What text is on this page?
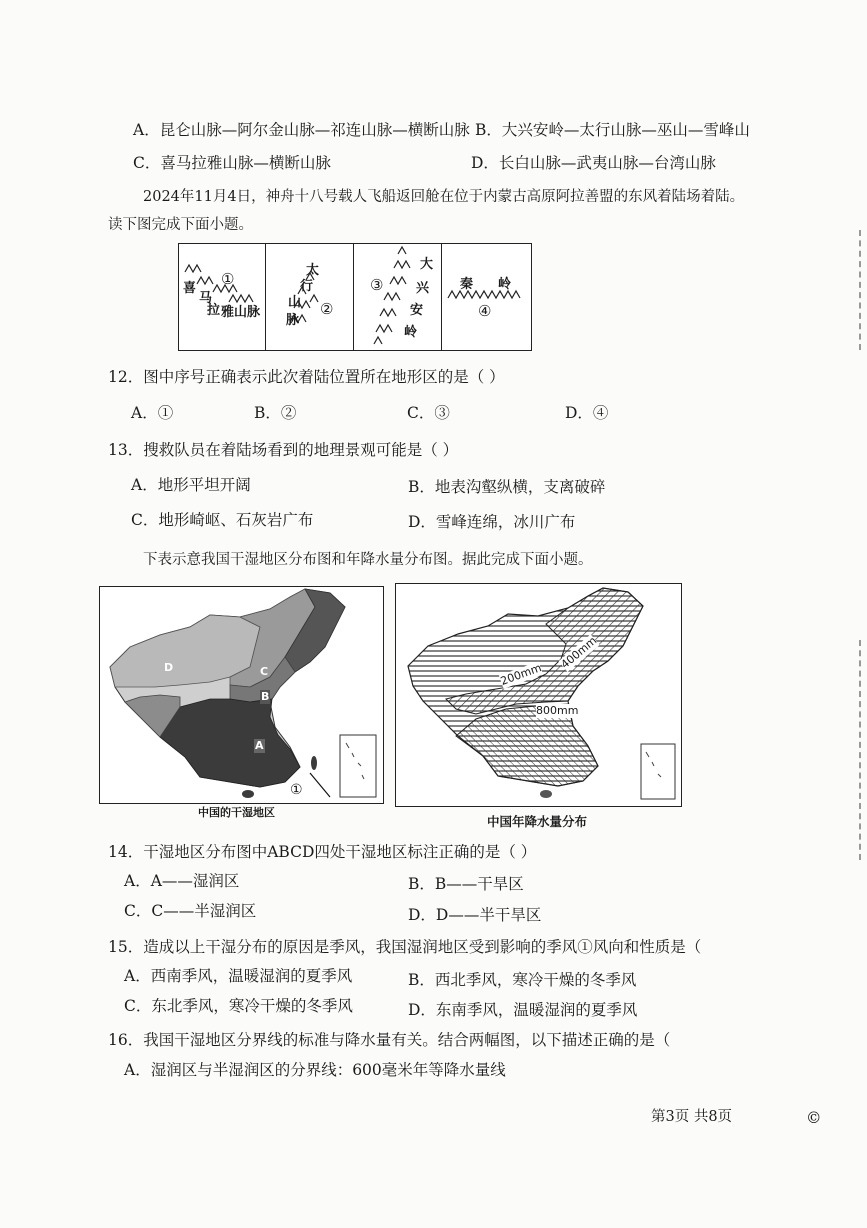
A．昆仑山脉—阿尔金山脉—祁连山脉—横断山脉 B．大兴安岭—太行山脉—巫山—雪峰山
C．喜马拉雅山脉—横断山脉	D．长白山脉—武夷山脉—台湾山脉
2024年11月4日，神舟十八号载人飞船返回舱在位于内蒙古高原阿拉善盟的东风着陆场着陆。
读下图完成下面小题。
①
喜
马
拉 雅山脉
太
行
山
脉
②
③
大
兴
安
岭
秦 岭
④
12．图中序号正确表示此次着陆位置所在地形区的是（ ）
A．①	B．②	C．③	D．④
13．搜救队员在着陆场看到的地理景观可能是（ ）
A．地形平坦开阔	B．地表沟壑纵横，支离破碎
C．地形崎岖、石灰岩广布	D．雪峰连绵，冰川广布
下表示意我国干湿地区分布图和年降水量分布图。据此完成下面小题。
D	C
B
A
①
中国的干湿地区
200mm
400mm
800mm
中国年降水量分布
14．干湿地区分布图中ABCD四处干湿地区标注正确的是（ ）
A．A——湿润区	B．B——干旱区
C．C——半湿润区	D．D——半干旱区
15．造成以上干湿分布的原因是季风，我国湿润地区受到影响的季风①风向和性质是（
A．西南季风，温暖湿润的夏季风	B．西北季风，寒冷干燥的冬季风
C．东北季风，寒冷干燥的冬季风	D．东南季风，温暖湿润的夏季风
16．我国干湿地区分界线的标准与降水量有关。结合两幅图，以下描述正确的是（
A．湿润区与半湿润区的分界线：600毫米年等降水量线
第3页 共8页	©
